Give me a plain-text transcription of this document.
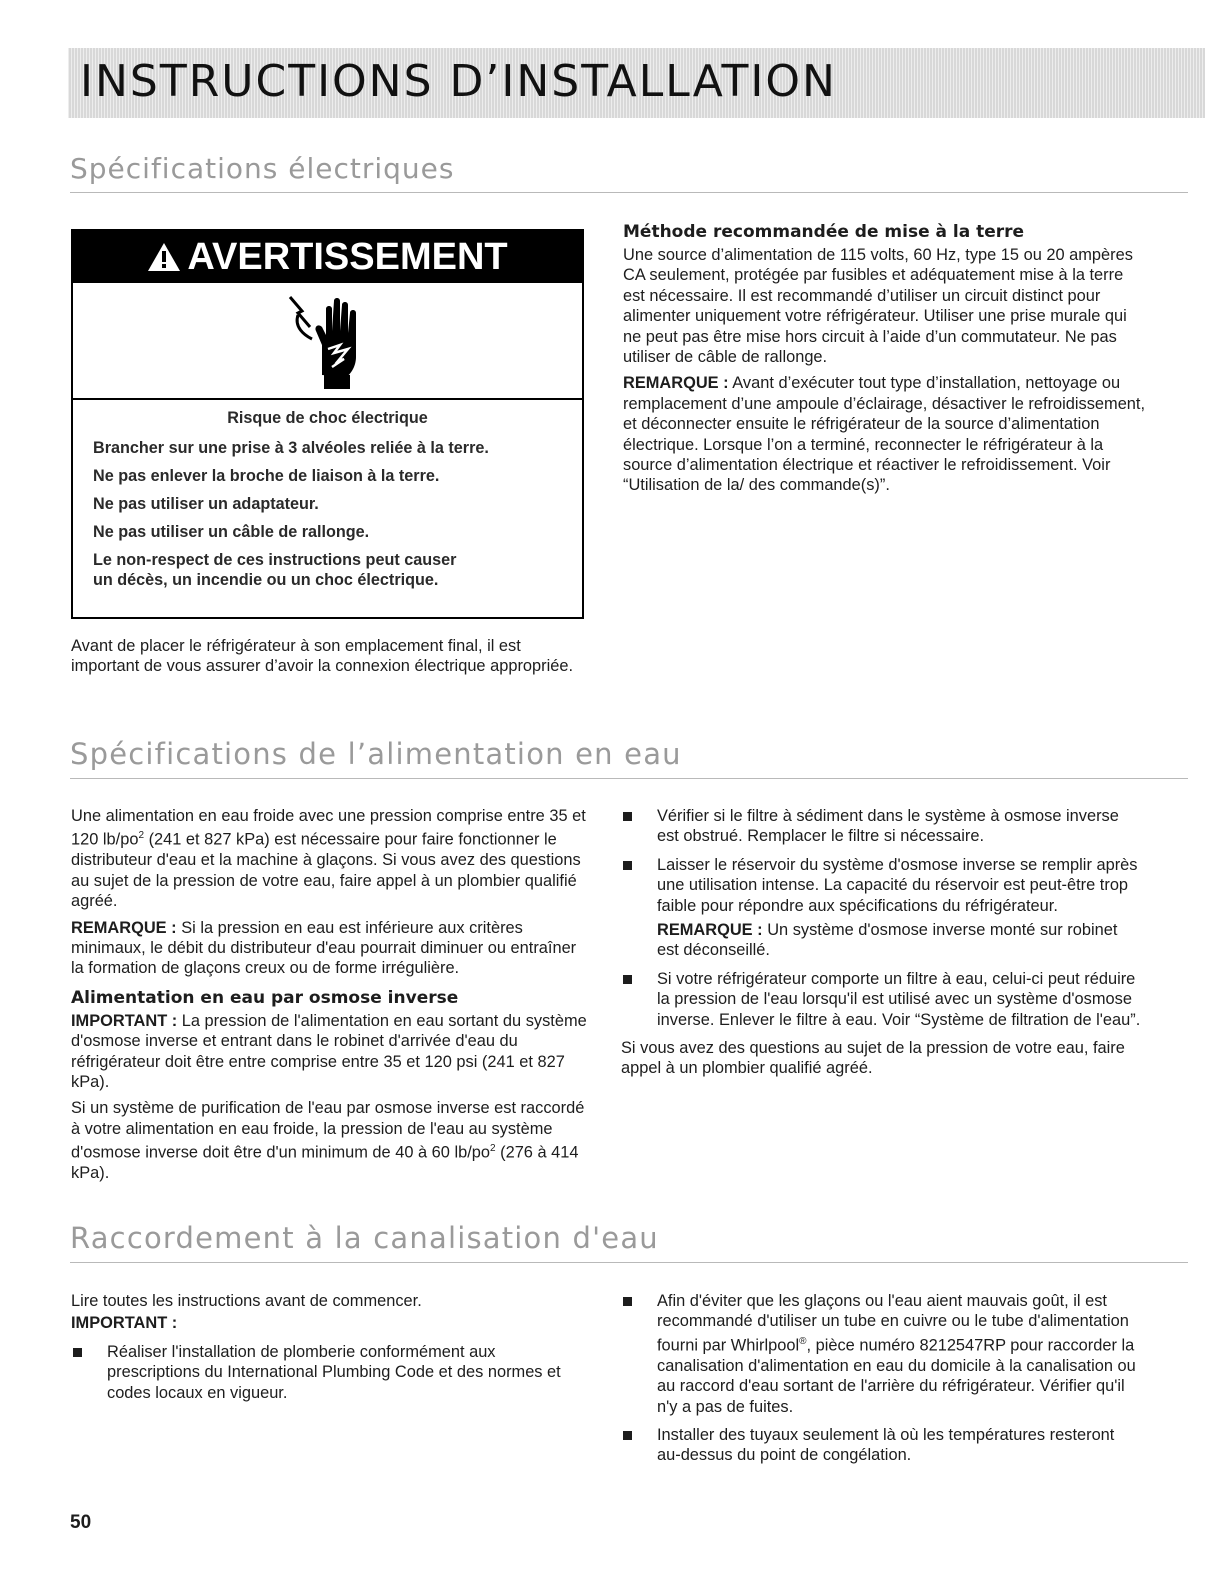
INSTRUCTIONS D’INSTALLATION
Spécifications électriques
AVERTISSEMENT
Risque de choc électrique
Brancher sur une prise à 3 alvéoles reliée à la terre.
Ne pas enlever la broche de liaison à la terre.
Ne pas utiliser un adaptateur.
Ne pas utiliser un câble de rallonge.
Le non-respect de ces instructions peut causer
un décès, un incendie ou un choc électrique.

Avant de placer le réfrigérateur à son emplacement final, il est important de vous assurer d’avoir la connexion électrique appropriée.

Méthode recommandée de mise à la terre

Une source d’alimentation de 115 volts, 60 Hz, type 15 ou 20 ampères CA seulement, protégée par fusibles et adéquatement mise à la terre est nécessaire. Il est recommandé d’utiliser un circuit distinct pour alimenter uniquement votre réfrigérateur. Utiliser une prise murale qui ne peut pas être mise hors circuit à l’aide d’un commutateur. Ne pas utiliser de câble de rallonge.

REMARQUE : Avant d’exécuter tout type d’installation, nettoyage ou remplacement d’une ampoule d’éclairage, désactiver le refroidissement, et déconnecter ensuite le réfrigérateur de la source d’alimentation électrique. Lorsque l’on a terminé, reconnecter le réfrigérateur à la source d’alimentation électrique et réactiver le refroidissement. Voir “Utilisation de la/ des commande(s)”.

Spécifications de l’alimentation en eau

Une alimentation en eau froide avec une pression comprise entre 35 et 120 $lb/po^2$ (241 et 827 kPa) est nécessaire pour faire fonctionner le distributeur d'eau et la machine à glaçons. Si vous avez des questions au sujet de la pression de votre eau, faire appel à un plombier qualifié agréé.

REMARQUE : Si la pression en eau est inférieure aux critères minimaux, le débit du distributeur d'eau pourrait diminuer ou entraîner la formation de glaçons creux ou de forme irrégulière.

Alimentation en eau par osmose inverse

IMPORTANT : La pression de l'alimentation en eau sortant du système d'osmose inverse et entrant dans le robinet d'arrivée d'eau du réfrigérateur doit être entre comprise entre 35 et 120 psi (241 et 827 kPa).

Si un système de purification de l'eau par osmose inverse est raccordé à votre alimentation en eau froide, la pression de l'eau au système d'osmose inverse doit être d'un minimum de 40 à 60 $lb/po^2$ (276 à 414 kPa).

Vérifier si le filtre à sédiment dans le système à osmose inverse est obstrué. Remplacer le filtre si nécessaire.
Laisser le réservoir du système d'osmose inverse se remplir après une utilisation intense. La capacité du réservoir est peut-être trop faible pour répondre aux spécifications du réfrigérateur.
REMARQUE : Un système d'osmose inverse monté sur robinet est déconseillé.
Si votre réfrigérateur comporte un filtre à eau, celui-ci peut réduire la pression de l'eau lorsqu'il est utilisé avec un système d'osmose inverse. Enlever le filtre à eau. Voir “Système de filtration de l'eau”.

Si vous avez des questions au sujet de la pression de votre eau, faire appel à un plombier qualifié agréé.

Raccordement à la canalisation d'eau

Lire toutes les instructions avant de commencer.

IMPORTANT :

Réaliser l'installation de plomberie conformément aux prescriptions du International Plumbing Code et des normes et codes locaux en vigueur.
Afin d'éviter que les glaçons ou l'eau aient mauvais goût, il est recommandé d'utiliser un tube en cuivre ou le tube d'alimentation fourni par Whirlpool®, pièce numéro 8212547RP pour raccorder la canalisation d'alimentation en eau du domicile à la canalisation ou au raccord d'eau sortant de l'arrière du réfrigérateur. Vérifier qu'il n'y a pas de fuites.
Installer des tuyaux seulement là où les températures resteront au-dessus du point de congélation.
50
